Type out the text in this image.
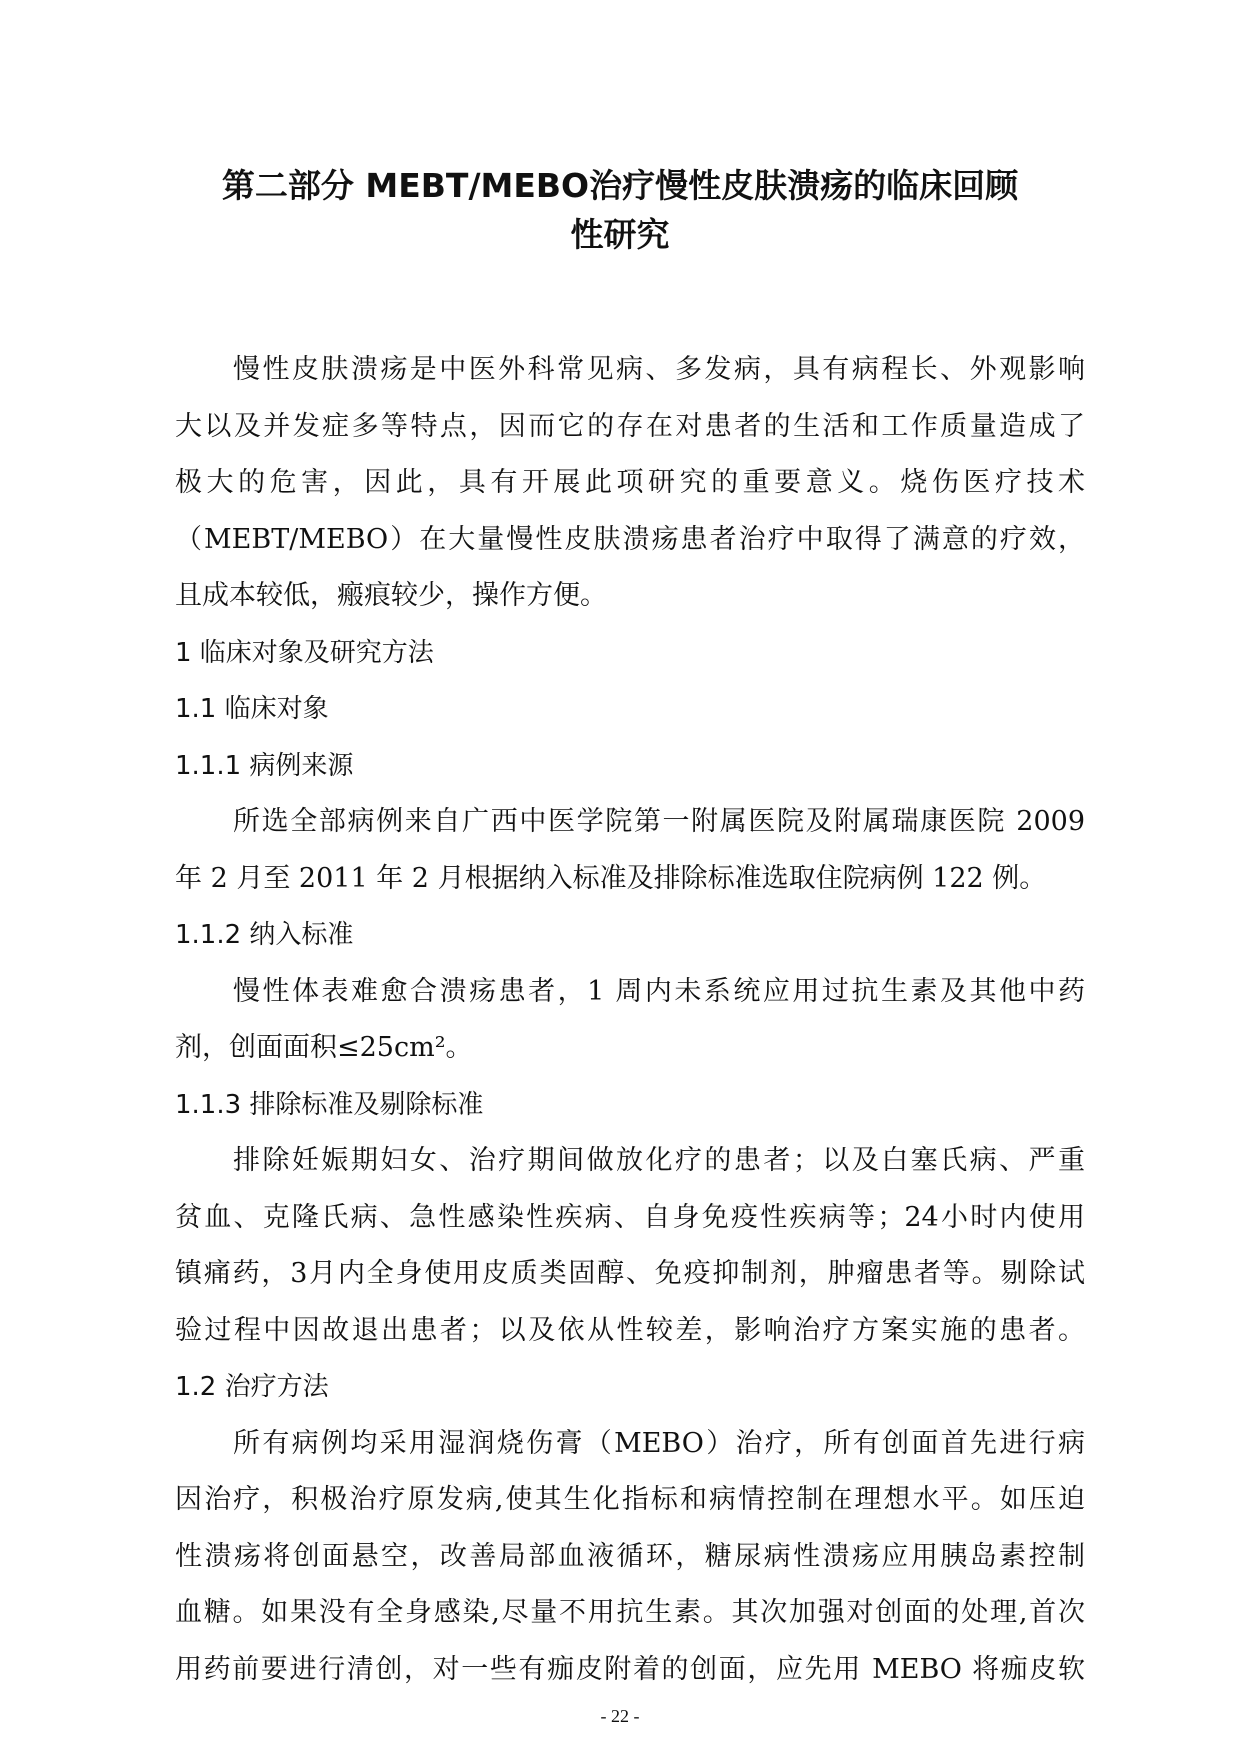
第二部分 MEBT/MEBO治疗慢性皮肤溃疡的临床回顾
性研究
慢性皮肤溃疡是中医外科常见病、多发病，具有病程长、外观影响
大以及并发症多等特点，因而它的存在对患者的生活和工作质量造成了
极大的危害，因此，具有开展此项研究的重要意义。烧伤医疗技术
（MEBT/MEBO）在大量慢性皮肤溃疡患者治疗中取得了满意的疗效，
且成本较低，瘢痕较少，操作方便。
1 临床对象及研究方法
1.1 临床对象
1.1.1 病例来源
所选全部病例来自广西中医学院第一附属医院及附属瑞康医院 2009
年 2 月至 2011 年 2 月根据纳入标准及排除标准选取住院病例 122 例。
1.1.2 纳入标准
慢性体表难愈合溃疡患者，1 周内未系统应用过抗生素及其他中药
剂，创面面积≤25cm²。
1.1.3 排除标准及剔除标准
排除妊娠期妇女、治疗期间做放化疗的患者；以及白塞氏病、严重
贫血、克隆氏病、急性感染性疾病、自身免疫性疾病等；24小时内使用
镇痛药，3月内全身使用皮质类固醇、免疫抑制剂，肿瘤患者等。剔除试
验过程中因故退出患者；以及依从性较差，影响治疗方案实施的患者。
1.2 治疗方法
所有病例均采用湿润烧伤膏（MEBO）治疗，所有创面首先进行病
因治疗，积极治疗原发病,使其生化指标和病情控制在理想水平。如压迫
性溃疡将创面悬空，改善局部血液循环，糖尿病性溃疡应用胰岛素控制
血糖。如果没有全身感染,尽量不用抗生素。其次加强对创面的处理,首次
用药前要进行清创，对一些有痂皮附着的创面，应先用 MEBO 将痂皮软
- 22 -
